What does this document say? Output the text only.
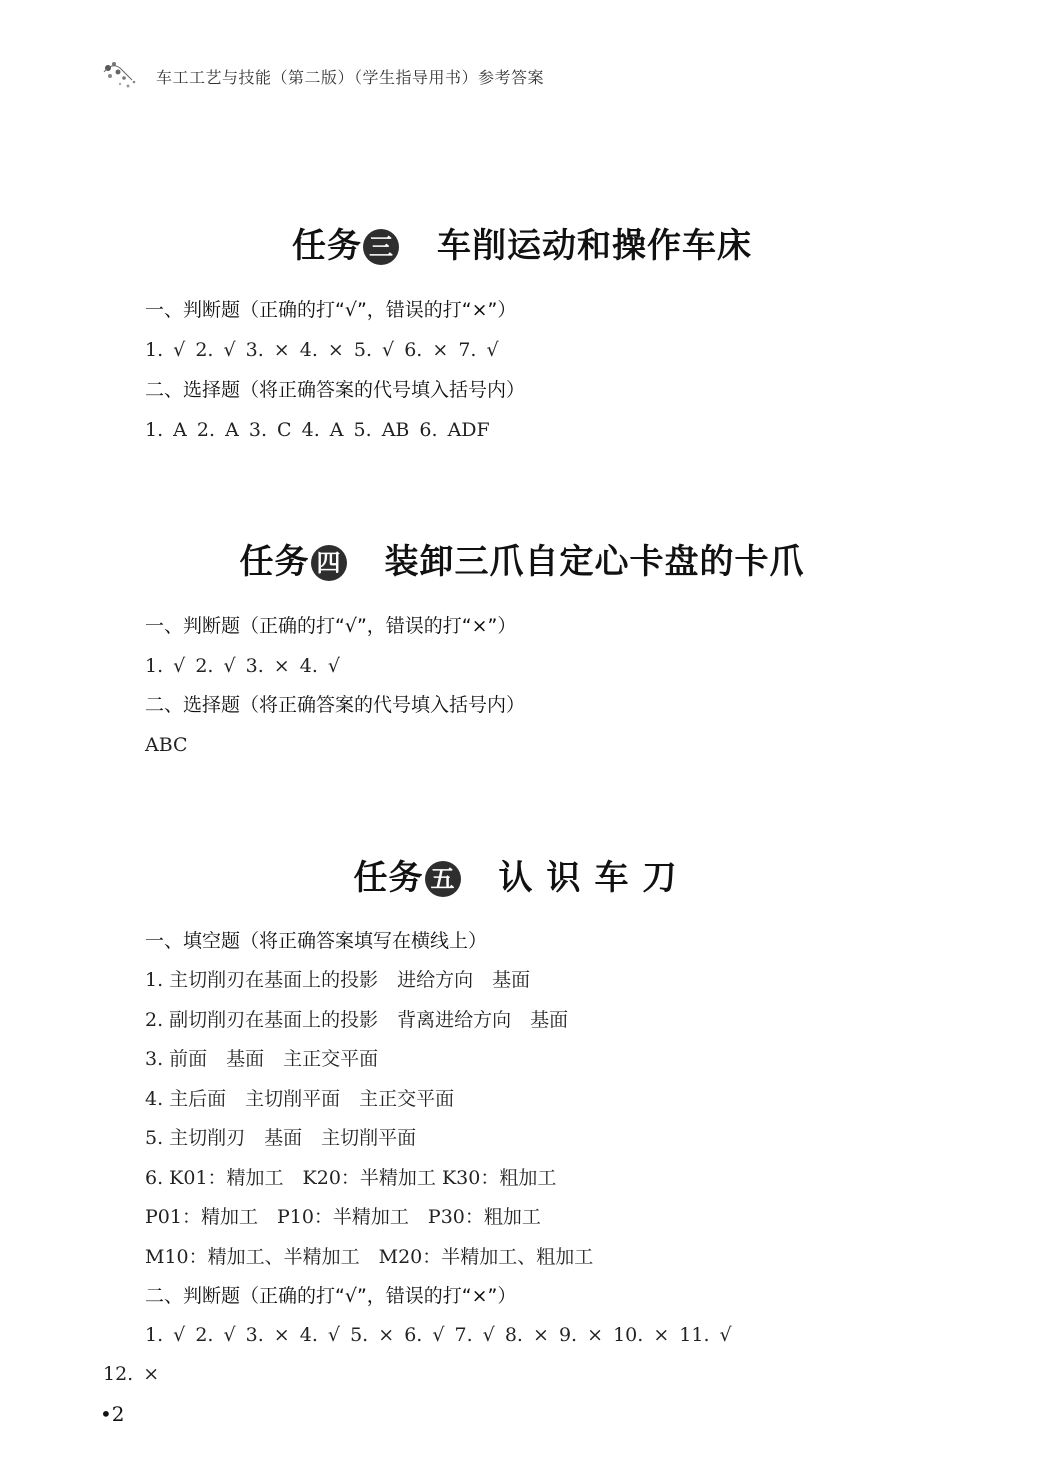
车工工艺与技能（第二版）（学生指导用书）参考答案
任务 三 车削运动和操作车床
一、判断题（正确的打“√”，错误的打“×”）
1. √ 2. √ 3. × 4. × 5. √ 6. × 7. √
二、选择题（将正确答案的代号填入括号内）
1. A 2. A 3. C 4. A 5. AB 6. ADF
任务 四 装卸三爪自定心卡盘的卡爪
一、判断题（正确的打“√”，错误的打“×”）
1. √ 2. √ 3. × 4. √
二、选择题（将正确答案的代号填入括号内）
ABC
任务 五 认识车刀
一、填空题（将正确答案填写在横线上）
1. 主切削刃在基面上的投影　进给方向　基面
2. 副切削刃在基面上的投影　背离进给方向　基面
3. 前面　基面　主正交平面
4. 主后面　主切削平面　主正交平面
5. 主切削刃　基面　主切削平面
6. K01：精加工　K20：半精加工 K30：粗加工
P01：精加工　P10：半精加工　P30：粗加工
M10：精加工、半精加工　M20：半精加工、粗加工
二、判断题（正确的打“√”，错误的打“×”）
1. √ 2. √ 3. × 4. √ 5. × 6. √ 7. √ 8. × 9. × 10. × 11. √
12. ×
•2
